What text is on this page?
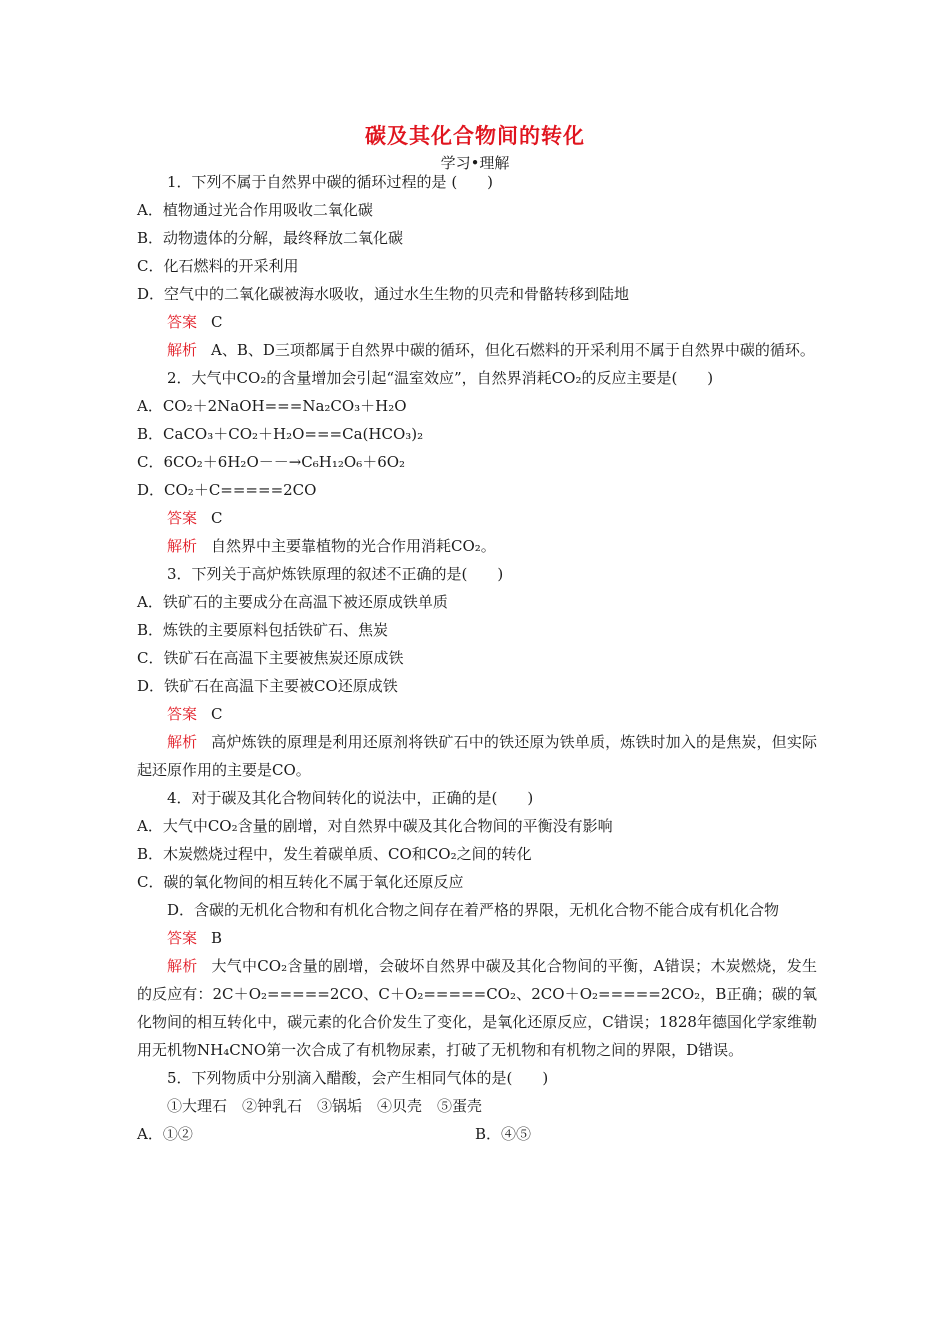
碳及其化合物间的转化
学习•理解
1．下列不属于自然界中碳的循环过程的是 (　　)
A．植物通过光合作用吸收二氧化碳
B．动物遗体的分解，最终释放二氧化碳
C．化石燃料的开采利用
D．空气中的二氧化碳被海水吸收，通过水生生物的贝壳和骨骼转移到陆地
答案 C
解析 A、B、D三项都属于自然界中碳的循环，但化石燃料的开采利用不属于自然界中碳的循环。
2．大气中CO₂的含量增加会引起“温室效应”，自然界消耗CO₂的反应主要是(　　)
A．CO₂＋2NaOH===Na₂CO₃＋H₂O
B．CaCO₃＋CO₂＋H₂O===Ca(HCO₃)₂
C．6CO₂＋6H₂O－－→C₆H₁₂O₆＋6O₂
D．CO₂＋C=====2CO
答案 C
解析 自然界中主要靠植物的光合作用消耗CO₂。
3．下列关于高炉炼铁原理的叙述不正确的是(　　)
A．铁矿石的主要成分在高温下被还原成铁单质
B．炼铁的主要原料包括铁矿石、焦炭
C．铁矿石在高温下主要被焦炭还原成铁
D．铁矿石在高温下主要被CO还原成铁
答案 C
解析 高炉炼铁的原理是利用还原剂将铁矿石中的铁还原为铁单质，炼铁时加入的是焦炭，但实际起还原作用的主要是CO。
4．对于碳及其化合物间转化的说法中，正确的是(　　)
A．大气中CO₂含量的剧增，对自然界中碳及其化合物间的平衡没有影响
B．木炭燃烧过程中，发生着碳单质、CO和CO₂之间的转化
C．碳的氧化物间的相互转化不属于氧化还原反应
D．含碳的无机化合物和有机化合物之间存在着严格的界限，无机化合物不能合成有机化合物
答案 B
解析 大气中CO₂含量的剧增，会破坏自然界中碳及其化合物间的平衡，A错误；木炭燃烧，发生的反应有：2C＋O₂=====2CO、C＋O₂=====CO₂、2CO＋O₂=====2CO₂，B正确；碳的氧化物间的相互转化中，碳元素的化合价发生了变化，是氧化还原反应，C错误；1828年德国化学家维勒用无机物NH₄CNO第一次合成了有机物尿素，打破了无机物和有机物之间的界限，D错误。
5．下列物质中分别滴入醋酸，会产生相同气体的是(　　)
①大理石　②钟乳石　③锅垢　④贝壳　⑤蛋壳
A．①②	B．④⑤
